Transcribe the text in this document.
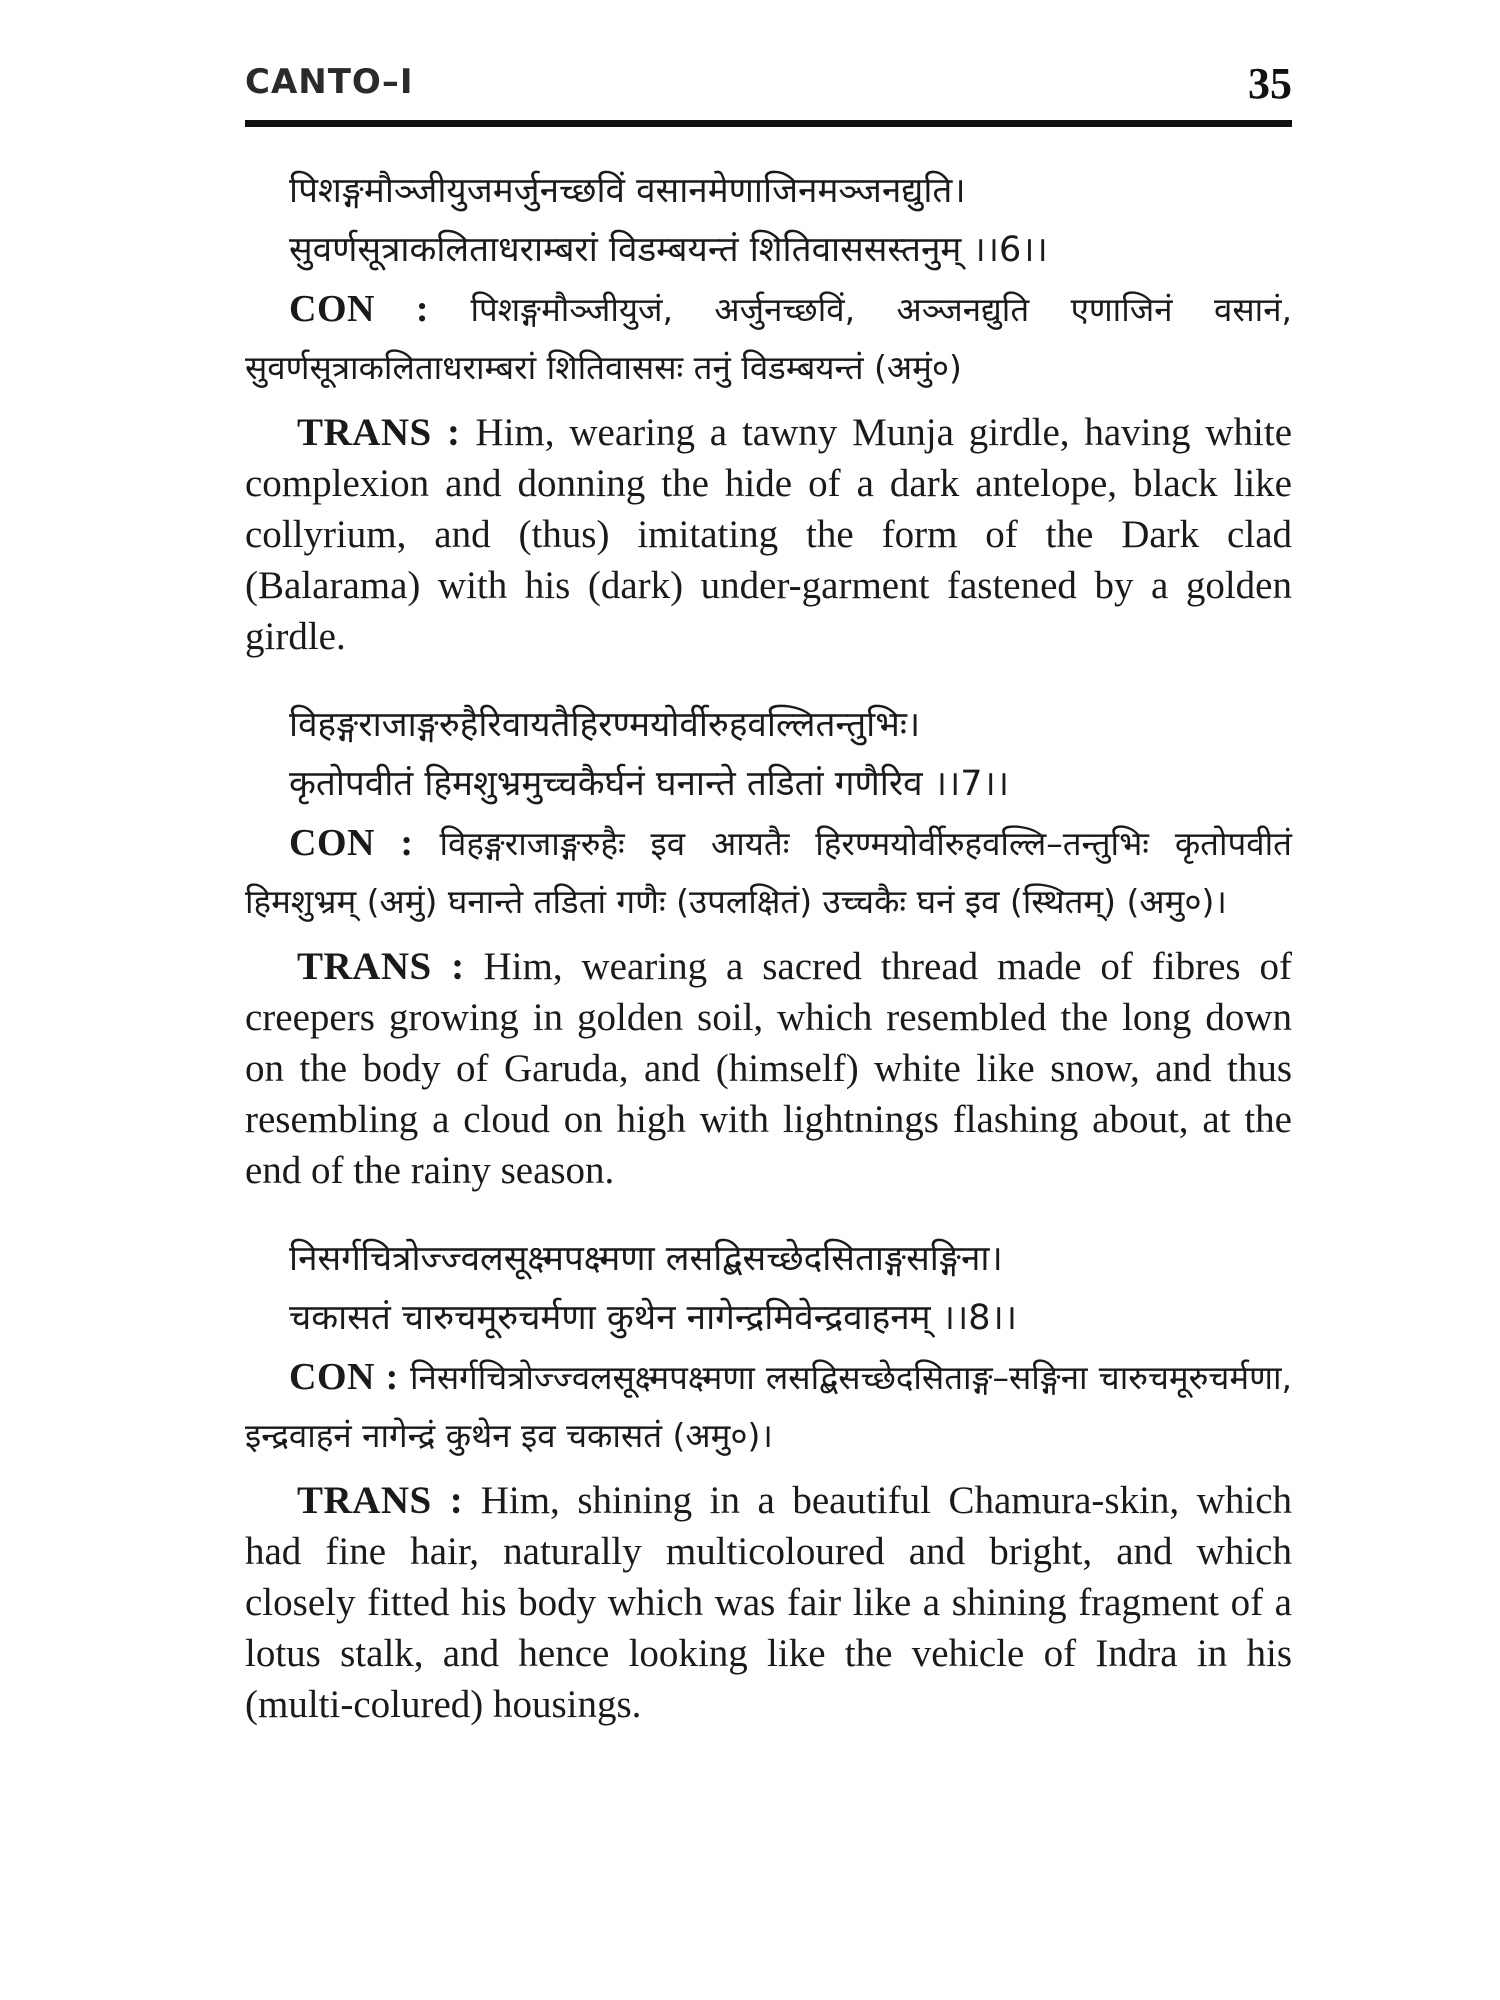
CANTO–I	35
पिशङ्गमौञ्जीयुजमर्जुनच्छविं वसानमेणाजिनमञ्जनद्युति।
सुवर्णसूत्राकलिताधराम्बरां विडम्बयन्तं शितिवाससस्तनुम् ।।6।।

CON : पिशङ्गमौञ्जीयुजं, अर्जुनच्छविं, अञ्जनद्युति एणाजिनं वसानं, सुवर्णसूत्राकलिताधराम्बरां शितिवाससः तनुं विडम्बयन्तं (अमुं०)

TRANS : Him, wearing a tawny Munja girdle, having white complexion and donning the hide of a dark antelope, black like collyrium, and (thus) imitating the form of the Dark clad (Balarama) with his (dark) under-garment fastened by a golden girdle.

विहङ्गराजाङ्गरुहैरिवायतैहिरण्मयोर्वीरुहवल्लितन्तुभिः।
कृतोपवीतं हिमशुभ्रमुच्चकैर्घनं घनान्ते तडितां गणैरिव ।।7।।

CON : विहङ्गराजाङ्गरुहैः इव आयतैः हिरण्मयोर्वीरुहवल्लि–तन्तुभिः कृतोपवीतं हिमशुभ्रम् (अमुं) घनान्ते तडितां गणैः (उपलक्षितं) उच्चकैः घनं इव (स्थितम्) (अमु०)।

TRANS : Him, wearing a sacred thread made of fibres of creepers growing in golden soil, which resembled the long down on the body of Garuda, and (himself) white like snow, and thus resembling a cloud on high with lightnings flashing about, at the end of the rainy season.

निसर्गचित्रोज्ज्वलसूक्ष्मपक्ष्मणा लसद्बिसच्छेदसिताङ्गसङ्गिना।
चकासतं चारुचमूरुचर्मणा कुथेन नागेन्द्रमिवेन्द्रवाहनम् ।।8।।

CON : निसर्गचित्रोज्ज्वलसूक्ष्मपक्ष्मणा लसद्बिसच्छेदसिताङ्ग–सङ्गिना चारुचमूरुचर्मणा, इन्द्रवाहनं नागेन्द्रं कुथेन इव चकासतं (अमु०)।

TRANS : Him, shining in a beautiful Chamura-skin, which had fine hair, naturally multicoloured and bright, and which closely fitted his body which was fair like a shining fragment of a lotus stalk, and hence looking like the vehicle of Indra in his (multi-colured) housings.
